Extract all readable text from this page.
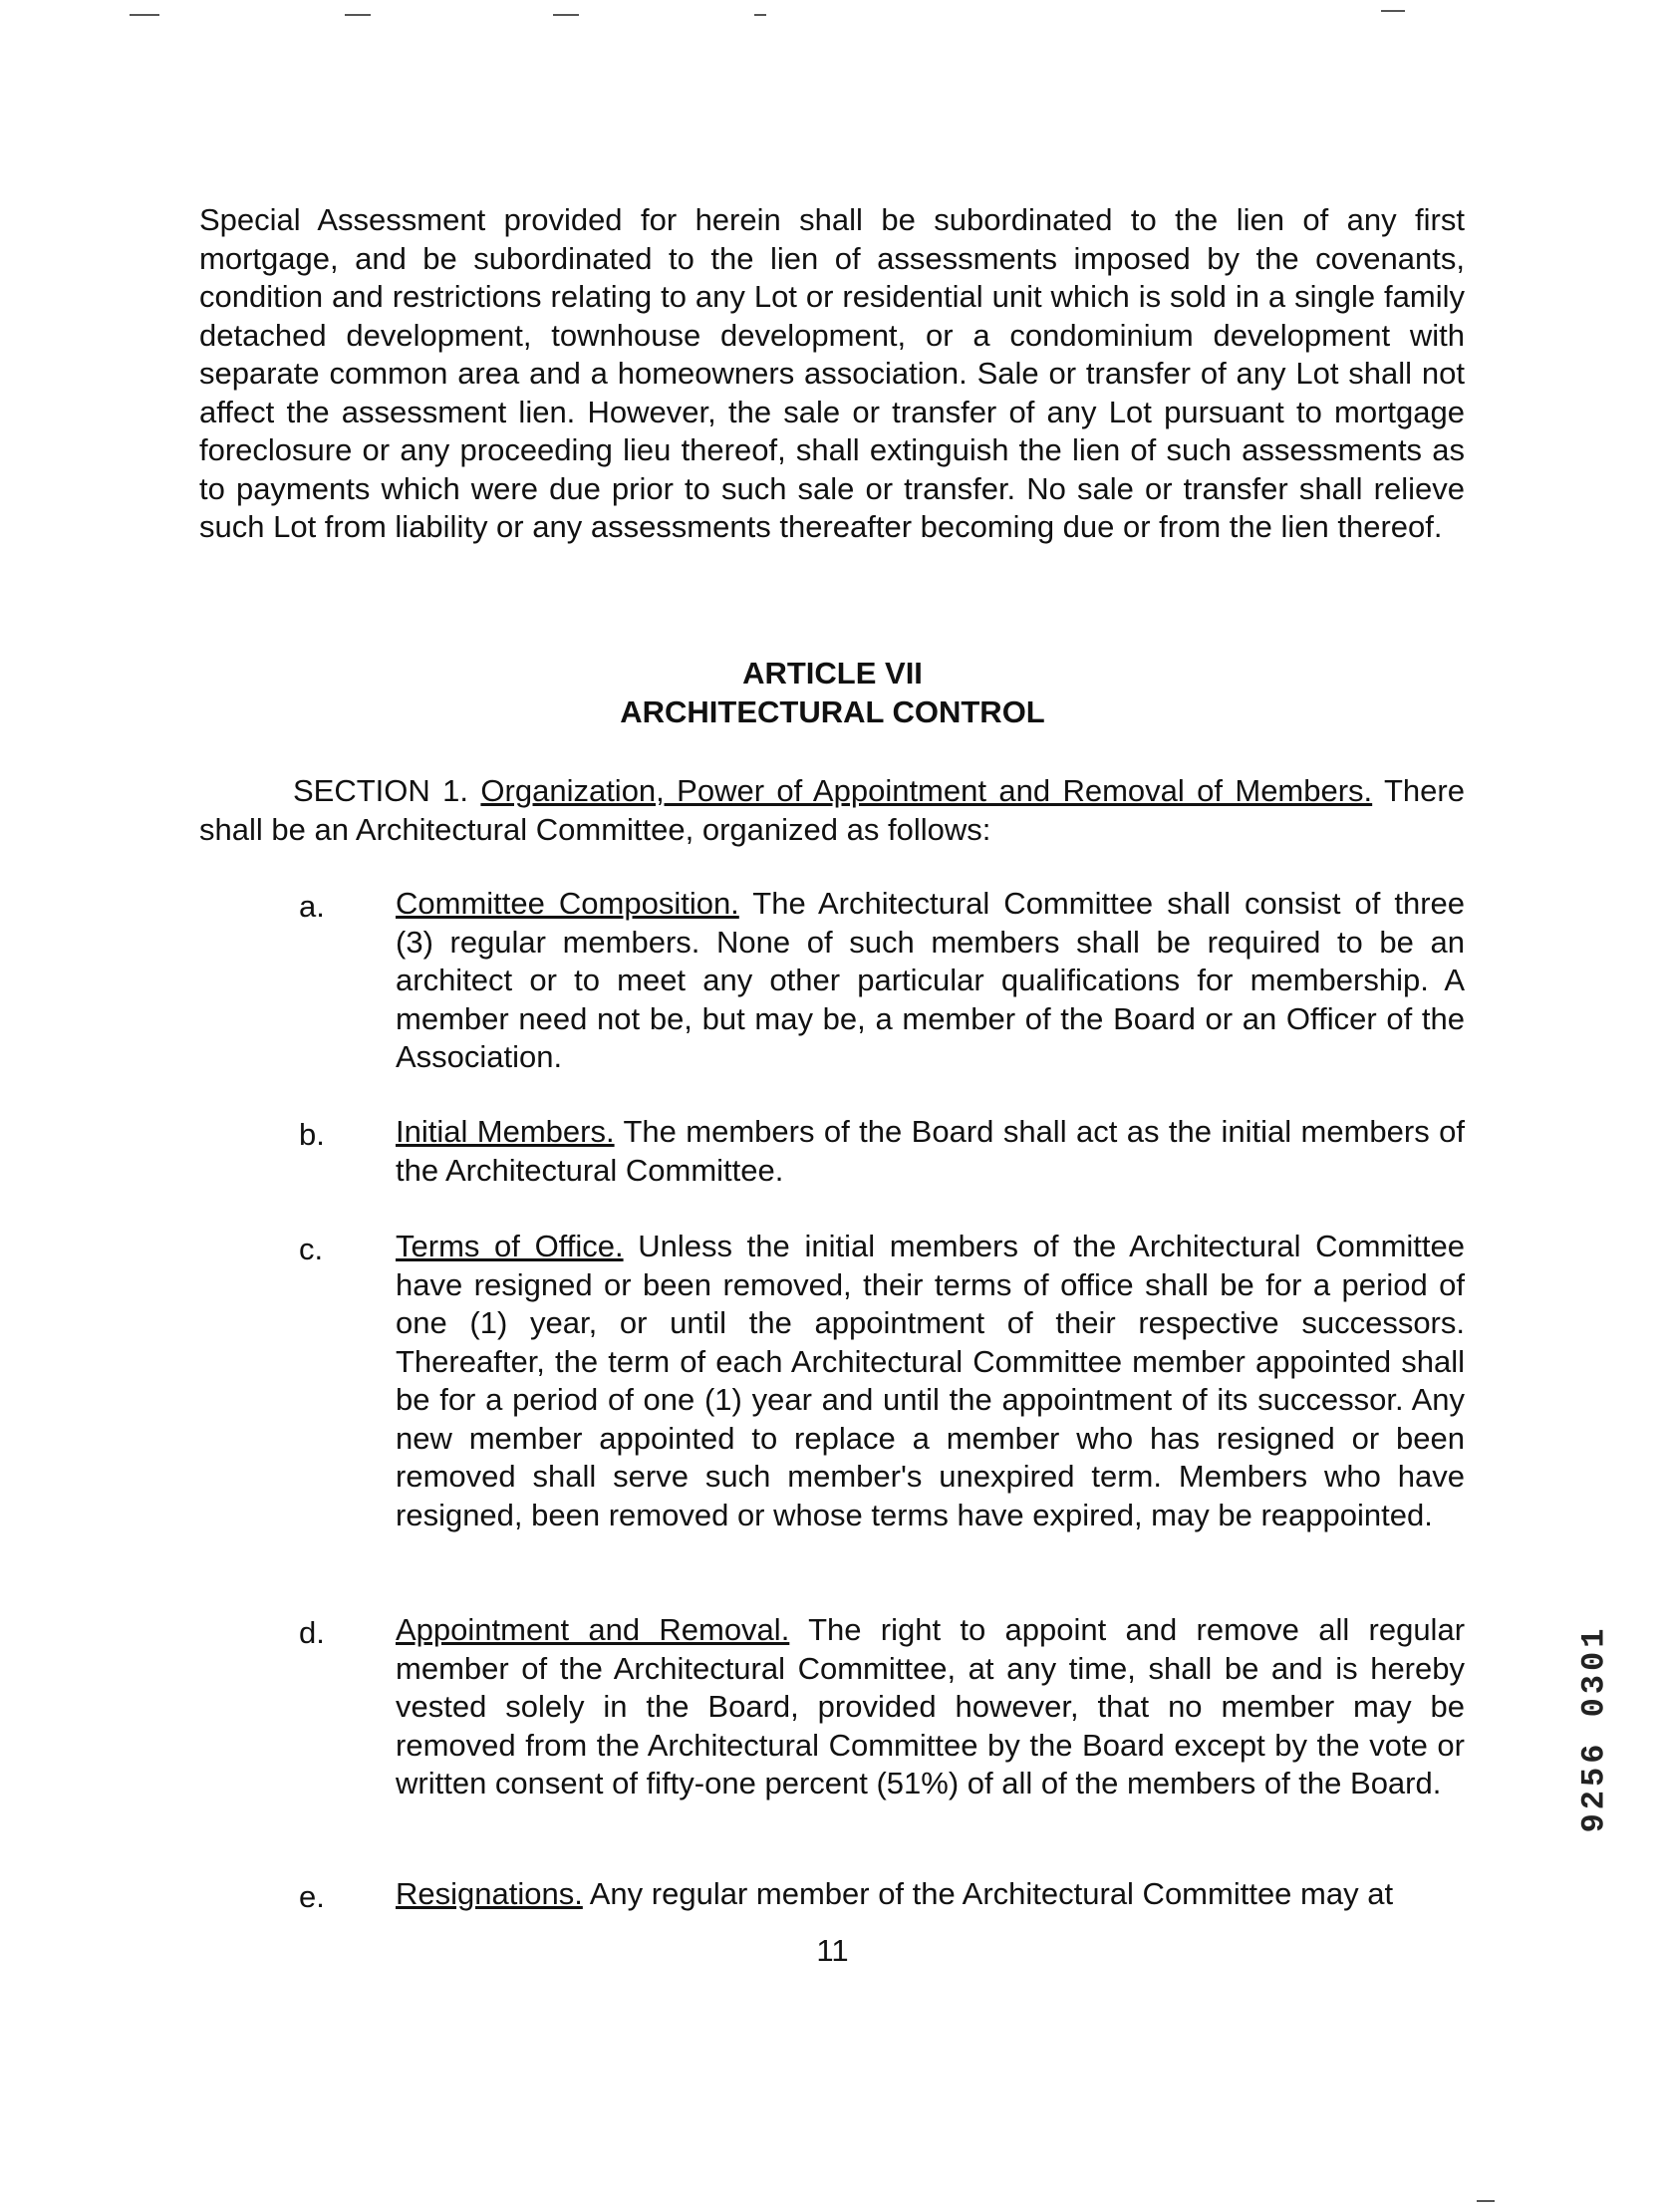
Special Assessment provided for herein shall be subordinated to the lien of any first mortgage, and be subordinated to the lien of assessments imposed by the covenants, condition and restrictions relating to any Lot or residential unit which is sold in a single family detached development, townhouse development, or a condominium development with separate common area and a homeowners association. Sale or transfer of any Lot shall not affect the assessment lien. However, the sale or transfer of any Lot pursuant to mortgage foreclosure or any proceeding lieu thereof, shall extinguish the lien of such assessments as to payments which were due prior to such sale or transfer. No sale or transfer shall relieve such Lot from liability or any assessments thereafter becoming due or from the lien thereof.

ARTICLE VII

ARCHITECTURAL CONTROL

SECTION 1. Organization, Power of Appointment and Removal of Members. There shall be an Architectural Committee, organized as follows:

a. Committee Composition. The Architectural Committee shall consist of three (3) regular members. None of such members shall be required to be an architect or to meet any other particular qualifications for membership. A member need not be, but may be, a member of the Board or an Officer of the Association.

b. Initial Members. The members of the Board shall act as the initial members of the Architectural Committee.

c. Terms of Office. Unless the initial members of the Architectural Committee have resigned or been removed, their terms of office shall be for a period of one (1) year, or until the appointment of their respective successors. Thereafter, the term of each Architectural Committee member appointed shall be for a period of one (1) year and until the appointment of its successor. Any new member appointed to replace a member who has resigned or been removed shall serve such member's unexpired term. Members who have resigned, been removed or whose terms have expired, may be reappointed.

d. Appointment and Removal. The right to appoint and remove all regular member of the Architectural Committee, at any time, shall be and is hereby vested solely in the Board, provided however, that no member may be removed from the Architectural Committee by the Board except by the vote or written consent of fifty-one percent (51%) of all of the members of the Board.

e. Resignations. Any regular member of the Architectural Committee may at

11
9256 0301
